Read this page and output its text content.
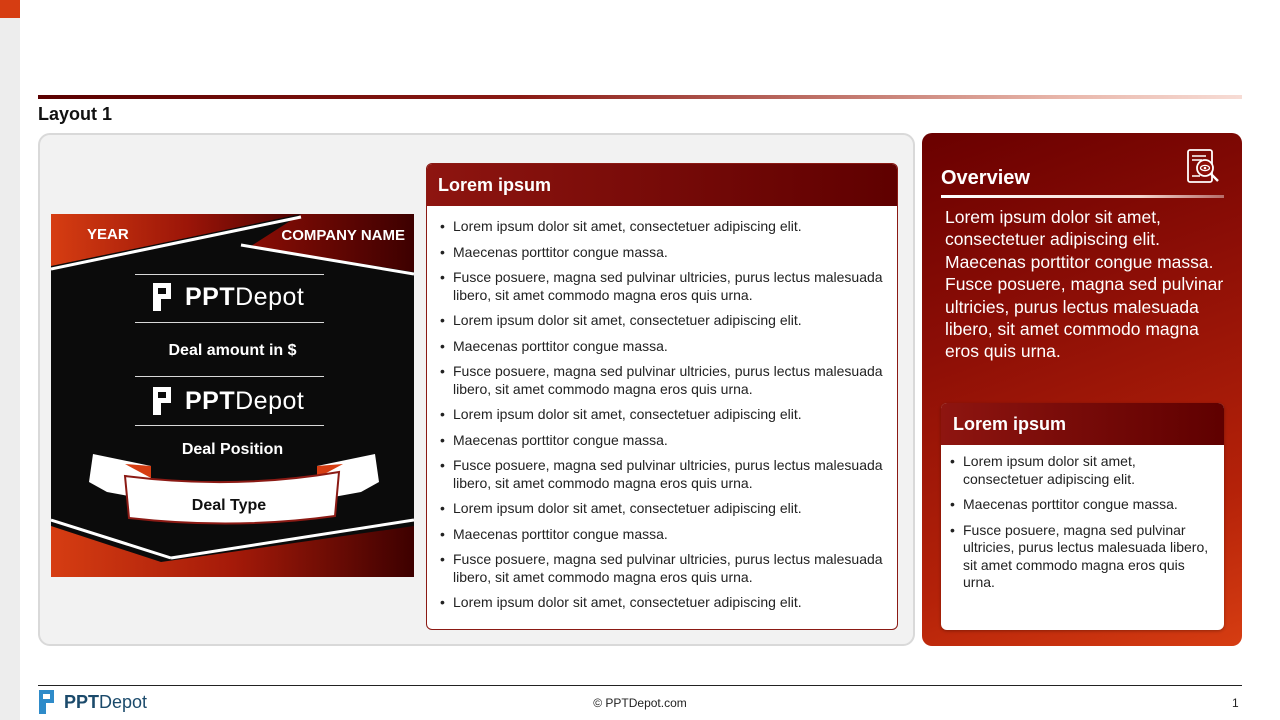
Layout 1
YEAR	COMPANY NAME
PPTDepot
Deal amount in $
PPTDepot
Deal Position
Deal Type
Lorem ipsum
• Lorem ipsum dolor sit amet, consectetuer adipiscing elit.
• Maecenas porttitor congue massa.
• Fusce posuere, magna sed pulvinar ultricies, purus lectus malesuada libero, sit amet commodo magna eros quis urna.
• Lorem ipsum dolor sit amet, consectetuer adipiscing elit.
• Maecenas porttitor congue massa.
• Fusce posuere, magna sed pulvinar ultricies, purus lectus malesuada libero, sit amet commodo magna eros quis urna.
• Lorem ipsum dolor sit amet, consectetuer adipiscing elit.
• Maecenas porttitor congue massa.
• Fusce posuere, magna sed pulvinar ultricies, purus lectus malesuada libero, sit amet commodo magna eros quis urna.
• Lorem ipsum dolor sit amet, consectetuer adipiscing elit.
• Maecenas porttitor congue massa.
• Fusce posuere, magna sed pulvinar ultricies, purus lectus malesuada libero, sit amet commodo magna eros quis urna.
• Lorem ipsum dolor sit amet, consectetuer adipiscing elit.
Overview
Lorem ipsum dolor sit amet, consectetuer adipiscing elit. Maecenas porttitor congue massa. Fusce posuere, magna sed pulvinar ultricies, purus lectus malesuada libero, sit amet commodo magna eros quis urna.
Lorem ipsum
• Lorem ipsum dolor sit amet, consectetuer adipiscing elit.
• Maecenas porttitor congue massa.
• Fusce posuere, magna sed pulvinar ultricies, purus lectus malesuada libero, sit amet commodo magna eros quis urna.
PPTDepot	© PPTDepot.com	1
